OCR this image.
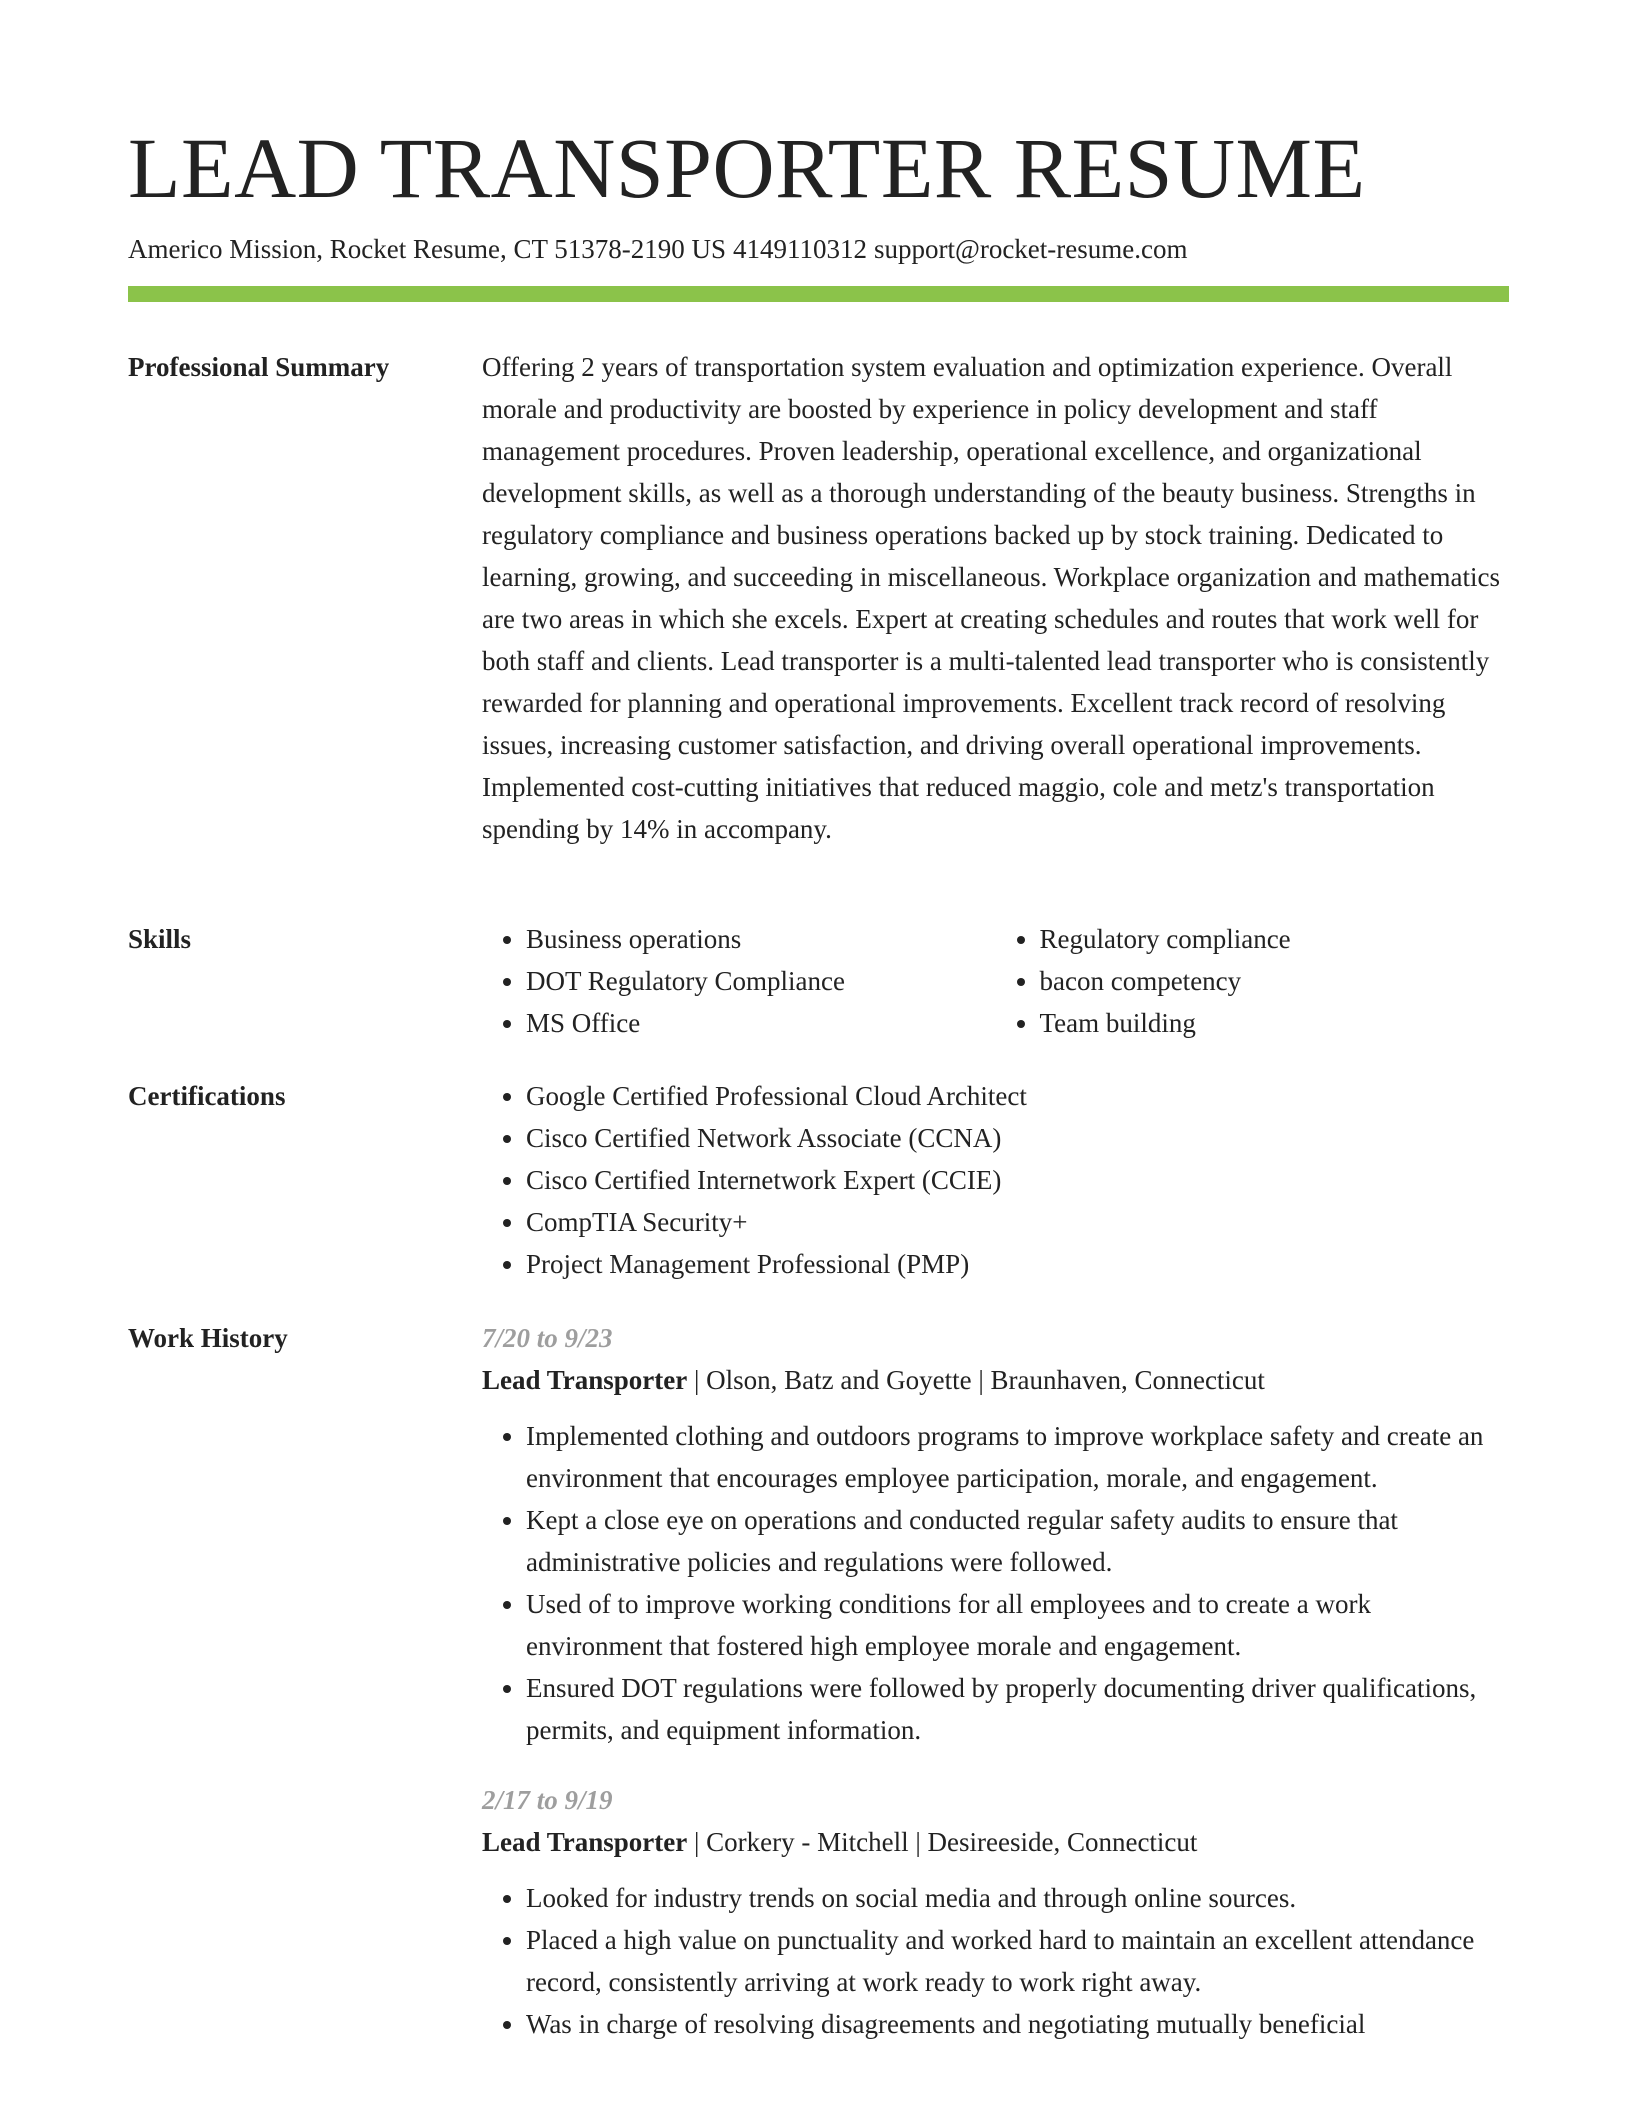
LEAD TRANSPORTER RESUME
Americo Mission, Rocket Resume, CT 51378-2190 US 4149110312 support@rocket-resume.com
Professional Summary	Offering 2 years of transportation system evaluation and optimization experience. Overall morale and productivity are boosted by experience in policy development and staff management procedures. Proven leadership, operational excellence, and organizational development skills, as well as a thorough understanding of the beauty business. Strengths in regulatory compliance and business operations backed up by stock training. Dedicated to learning, growing, and succeeding in miscellaneous. Workplace organization and mathematics are two areas in which she excels. Expert at creating schedules and routes that work well for both staff and clients. Lead transporter is a multi-talented lead transporter who is consistently rewarded for planning and operational improvements. Excellent track record of resolving issues, increasing customer satisfaction, and driving overall operational improvements. Implemented cost-cutting initiatives that reduced maggio, cole and metz's transportation spending by 14% in accompany.

Skills	• Business operations
• DOT Regulatory Compliance
• MS Office
• Regulatory compliance
• bacon competency
• Team building
Certifications	• Google Certified Professional Cloud Architect
• Cisco Certified Network Associate (CCNA)
• Cisco Certified Internetwork Expert (CCIE)
• CompTIA Security+
• Project Management Professional (PMP)
Work History	7/20 to 9/23
Lead Transporter | Olson, Batz and Goyette | Braunhaven, Connecticut
• Implemented clothing and outdoors programs to improve workplace safety and create an environment that encourages employee participation, morale, and engagement.
• Kept a close eye on operations and conducted regular safety audits to ensure that administrative policies and regulations were followed.
• Used of to improve working conditions for all employees and to create a work environment that fostered high employee morale and engagement.
• Ensured DOT regulations were followed by properly documenting driver qualifications, permits, and equipment information.
2/17 to 9/19
Lead Transporter | Corkery - Mitchell | Desireeside, Connecticut
• Looked for industry trends on social media and through online sources.
• Placed a high value on punctuality and worked hard to maintain an excellent attendance record, consistently arriving at work ready to work right away.
• Was in charge of resolving disagreements and negotiating mutually beneficial
